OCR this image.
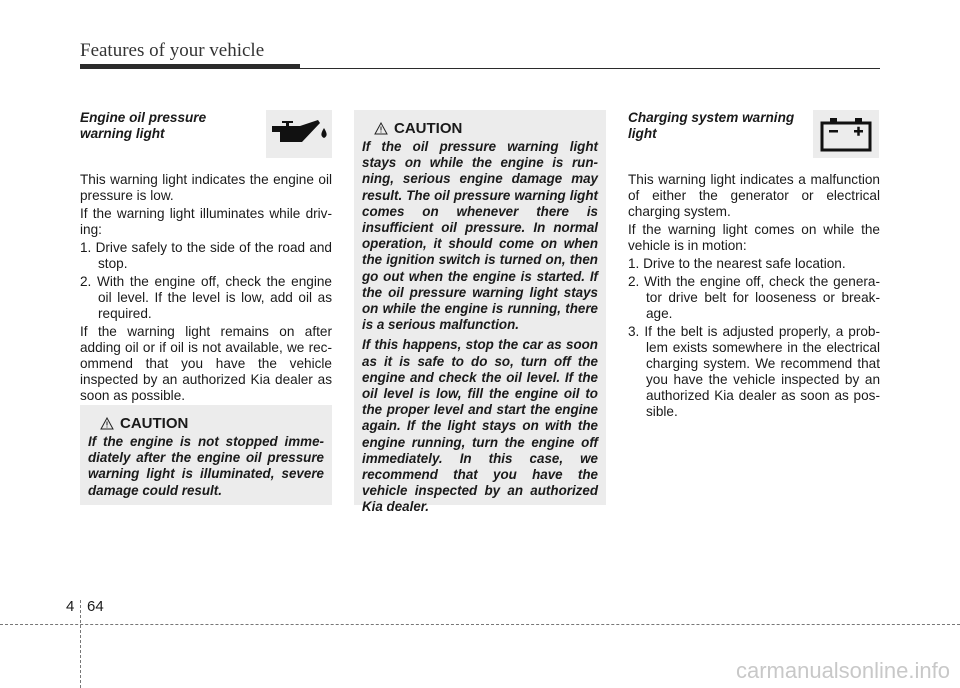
Features of your vehicle
Engine oil pressure warning light

This warning light indicates the engine oil pressure is low.

If the warning light illuminates while driv-ing:

1. Drive safely to the side of the road and stop.
2. With the engine off, check the engine oil level. If the level is low, add oil as required.

If the warning light remains on after adding oil or if oil is not available, we rec-ommend that you have the vehicle inspected by an authorized Kia dealer as soon as possible.

CAUTION
If the engine is not stopped imme-diately after the engine oil pressure warning light is illuminated, severe damage could result.
CAUTION

If the oil pressure warning light stays on while the engine is run-ning, serious engine damage may result. The oil pressure warning light comes on whenever there is insufficient oil pressure. In normal operation, it should come on when the ignition switch is turned on, then go out when the engine is started. If the oil pressure warning light stays on while the engine is running, there is a serious malfunction.

If this happens, stop the car as soon as it is safe to do so, turn off the engine and check the oil level. If the oil level is low, fill the engine oil to the proper level and start the engine again. If the light stays on with the engine running, turn the engine off immediately. In this case, we recommend that you have the vehicle inspected by an authorized Kia dealer.

Charging system warning light

This warning light indicates a malfunction of either the generator or electrical charging system.

If the warning light comes on while the vehicle is in motion:

1. Drive to the nearest safe location.
2. With the engine off, check the genera-tor drive belt for looseness or break-age.
3. If the belt is adjusted properly, a prob-lem exists somewhere in the electrical charging system. We recommend that you have the vehicle inspected by an authorized Kia dealer as soon as pos-sible.
4 64
carmanualsonline.info
